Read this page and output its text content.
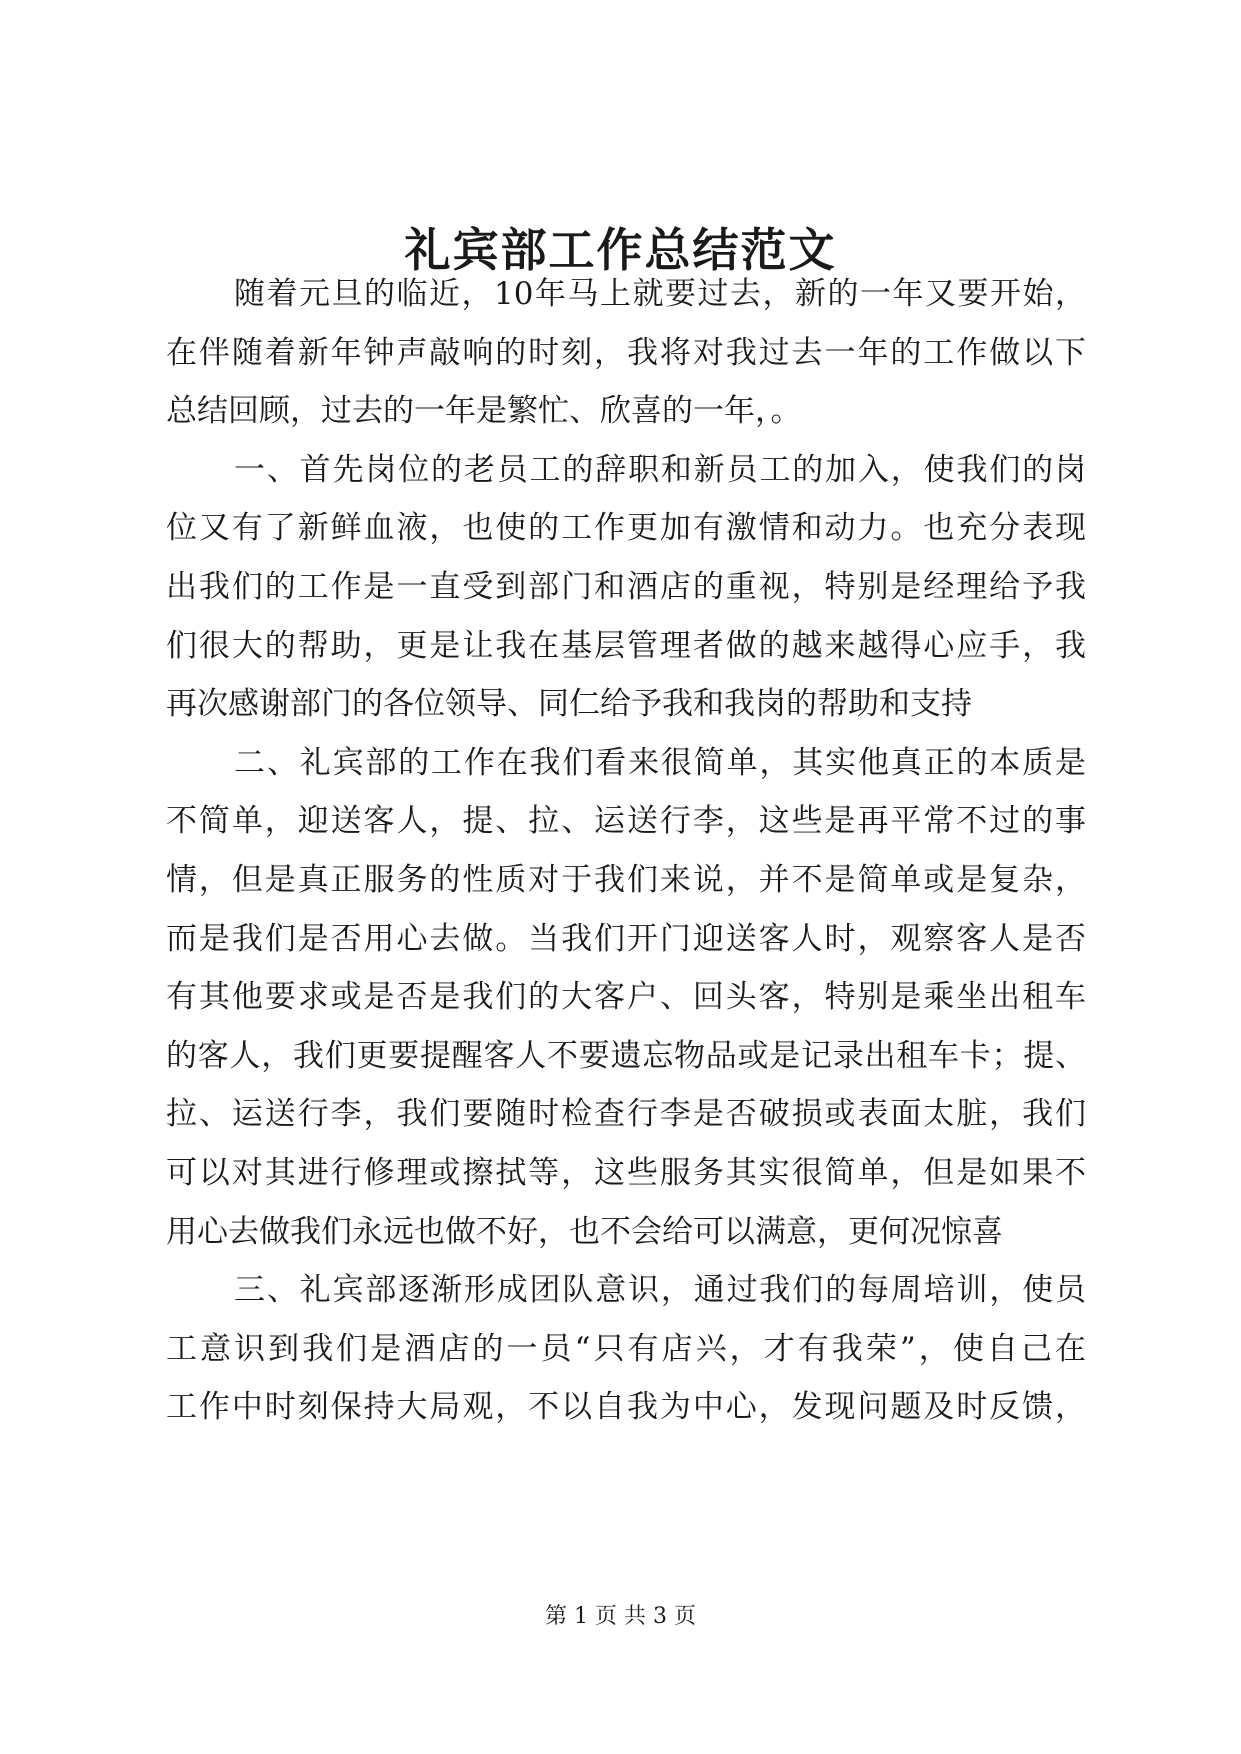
礼宾部工作总结范文
随着元旦的临近，10年马上就要过去，新的一年又要开始，
在伴随着新年钟声敲响的时刻，我将对我过去一年的工作做以下
总结回顾，过去的一年是繁忙、欣喜的一年，。
一、首先岗位的老员工的辞职和新员工的加入，使我们的岗
位又有了新鲜血液，也使的工作更加有激情和动力。也充分表现
出我们的工作是一直受到部门和酒店的重视，特别是经理给予我
们很大的帮助，更是让我在基层管理者做的越来越得心应手，我
再次感谢部门的各位领导、同仁给予我和我岗的帮助和支持
二、礼宾部的工作在我们看来很简单，其实他真正的本质是
不简单，迎送客人，提、拉、运送行李，这些是再平常不过的事
情，但是真正服务的性质对于我们来说，并不是简单或是复杂，
而是我们是否用心去做。当我们开门迎送客人时，观察客人是否
有其他要求或是否是我们的大客户、回头客，特别是乘坐出租车
的客人，我们更要提醒客人不要遗忘物品或是记录出租车卡；提、
拉、运送行李，我们要随时检查行李是否破损或表面太脏，我们
可以对其进行修理或擦拭等，这些服务其实很简单，但是如果不
用心去做我们永远也做不好，也不会给可以满意，更何况惊喜
三、礼宾部逐渐形成团队意识，通过我们的每周培训，使员
工意识到我们是酒店的一员“只有店兴，才有我荣”，使自己在
工作中时刻保持大局观，不以自我为中心，发现问题及时反馈，
第 1 页 共 3 页
